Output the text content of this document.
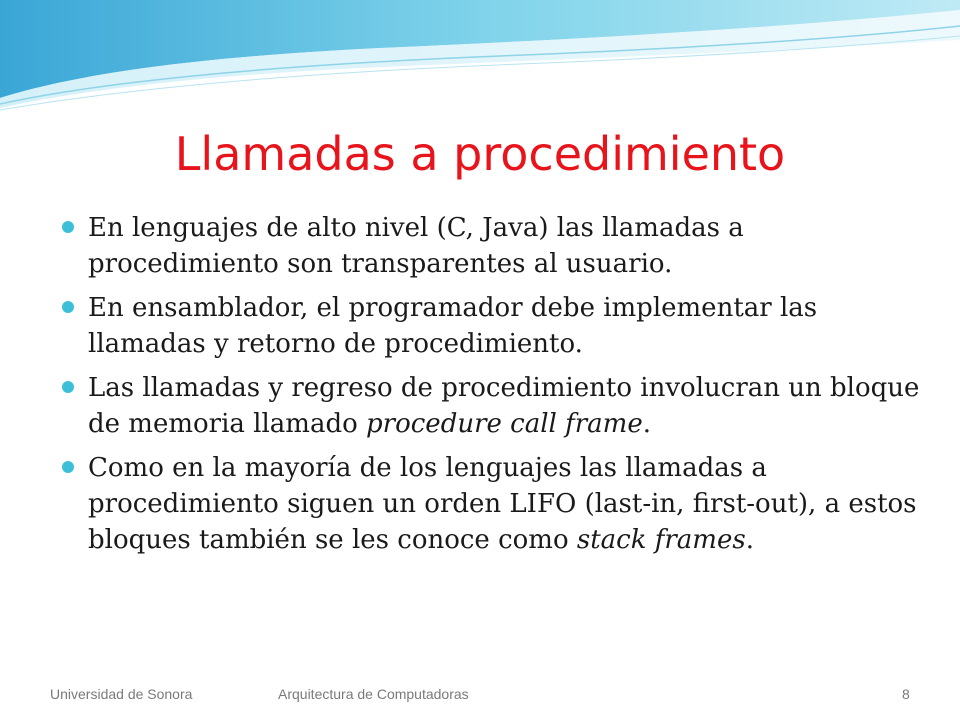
Llamadas a procedimiento
En lenguajes de alto nivel (C, Java) las llamadas a procedimiento son transparentes al usuario.
En ensamblador, el programador debe implementar las llamadas y retorno de procedimiento.
Las llamadas y regreso de procedimiento involucran un bloque de memoria llamado procedure call frame.
Como en la mayoría de los lenguajes las llamadas a procedimiento siguen un orden LIFO (last-in, first-out), a estos bloques también se les conoce como stack frames.
Universidad de Sonora	Arquitectura de Computadoras	8
